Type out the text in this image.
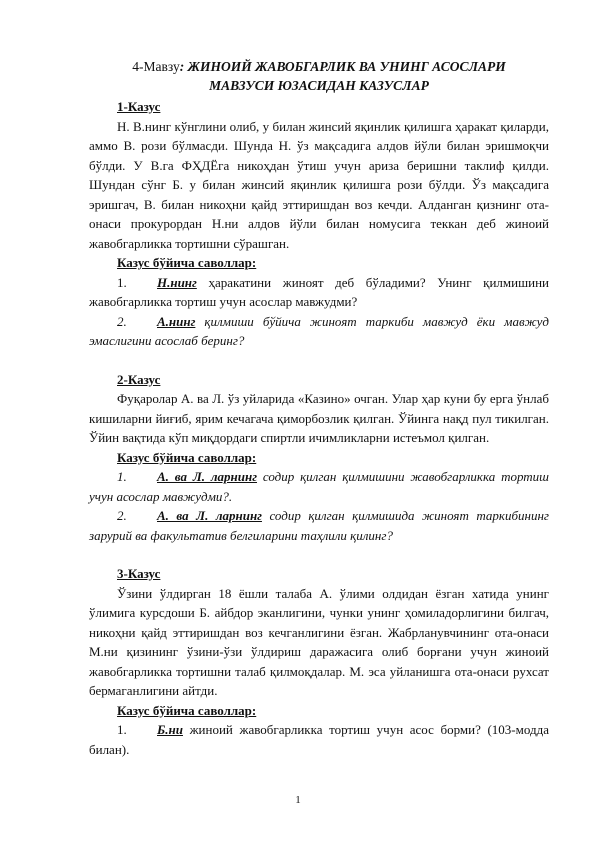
4-Мавзу: ЖИНОИЙ ЖАВОБГАРЛИК ВА УНИНГ АСОСЛАРИ
МАВЗУСИ ЮЗАСИДАН КАЗУСЛАР

1-Казус

Н. В.нинг кўнглини олиб, у билан жинсий яқинлик қилишга ҳаракат қиларди, аммо В. рози бўлмасди. Шунда Н. ўз мақсадига алдов йўли билан эришмоқчи бўлди. У В.га ФҲДЁга никоҳдан ўтиш учун ариза беришни таклиф қилди. Шундан сўнг Б. у билан жинсий яқинлик қилишга рози бўлди. Ўз мақсадига эришгач, В. билан никоҳни қайд эттиришдан воз кечди. Алданган қизнинг ота-онаси прокурордан Н.ни алдов йўли билан номусига теккан деб жиноий жавобгарликка тортишни сўрашган.

Казус бўйича саволлар:

1. Н.нинг ҳаракатини жиноят деб бўладими? Унинг қилмишини жавобгарликка тортиш учун асослар мавжудми?

2. А.нинг қилмиши бўйича жиноят таркиби мавжуд ёки мавжуд эмаслигини асослаб беринг?

2-Казус

Фуқаролар А. ва Л. ўз уйларида «Казино» очган. Улар ҳар куни бу ерга ўнлаб кишиларни йиғиб, ярим кечагача қиморбозлик қилган. Ўйинга нақд пул тикилган. Ўйин вақтида кўп миқдордаги спиртли ичимликларни истеъмол қилган.

Казус бўйича саволлар:

1. А. ва Л. ларнинг содир қилган қилмишини жавобгарликка тортиш учун асослар мавжудми?.

2. А. ва Л. ларнинг содир қилган қилмишида жиноят таркибининг зарурий ва факультатив белгиларини таҳлили қилинг?

3-Казус

Ўзини ўлдирган 18 ёшли талаба А. ўлими олдидан ёзган хатида унинг ўлимига курсдоши Б. айбдор эканлигини, чунки унинг ҳомиладорлигини билгач, никоҳни қайд эттиришдан воз кечганлигини ёзган. Жабрланувчининг ота-онаси М.ни қизининг ўзини-ўзи ўлдириш даражасига олиб борғани учун жиноий жавобгарликка тортишни талаб қилмоқдалар. М. эса уйланишга ота-онаси рухсат бермаганлигини айтди.

Казус бўйича саволлар:

1. Б.ни жиноий жавобгарликка тортиш учун асос борми? (103-модда билан).

1
